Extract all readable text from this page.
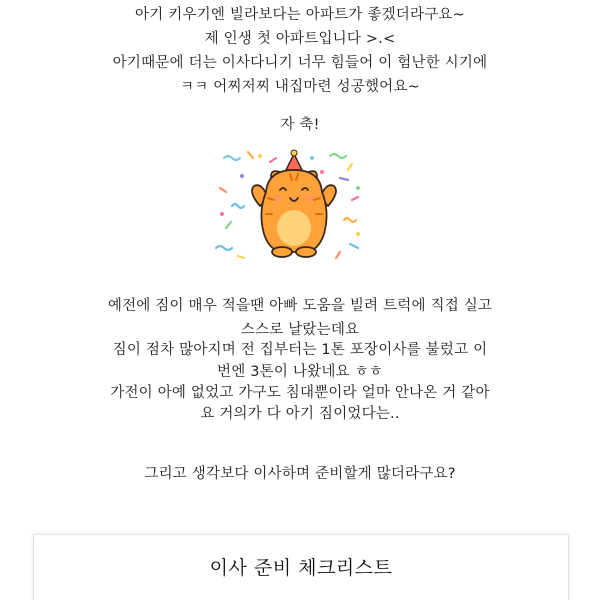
아기 키우기엔 빌라보다는 아파트가 좋겠더라구요~
제 인생 첫 아파트입니다 >.<
아기때문에 더는 이사다니기 너무 힘들어 이 험난한 시기에
ㅋㅋ 어찌저찌 내집마련 성공했어요~
자 축!
예전에 짐이 매우 적을땐 아빠 도움을 빌려 트럭에 직접 실고
스스로 날랐는데요
짐이 점차 많아지며 전 집부터는 1톤 포장이사를 불렀고 이
번엔 3톤이 나왔네요 ㅎㅎ
가전이 아예 없었고 가구도 침대뿐이라 얼마 안나온 거 같아
요 거의가 다 아기 짐이었다는..
그리고 생각보다 이사하며 준비할게 많더라구요?
이사 준비 체크리스트
